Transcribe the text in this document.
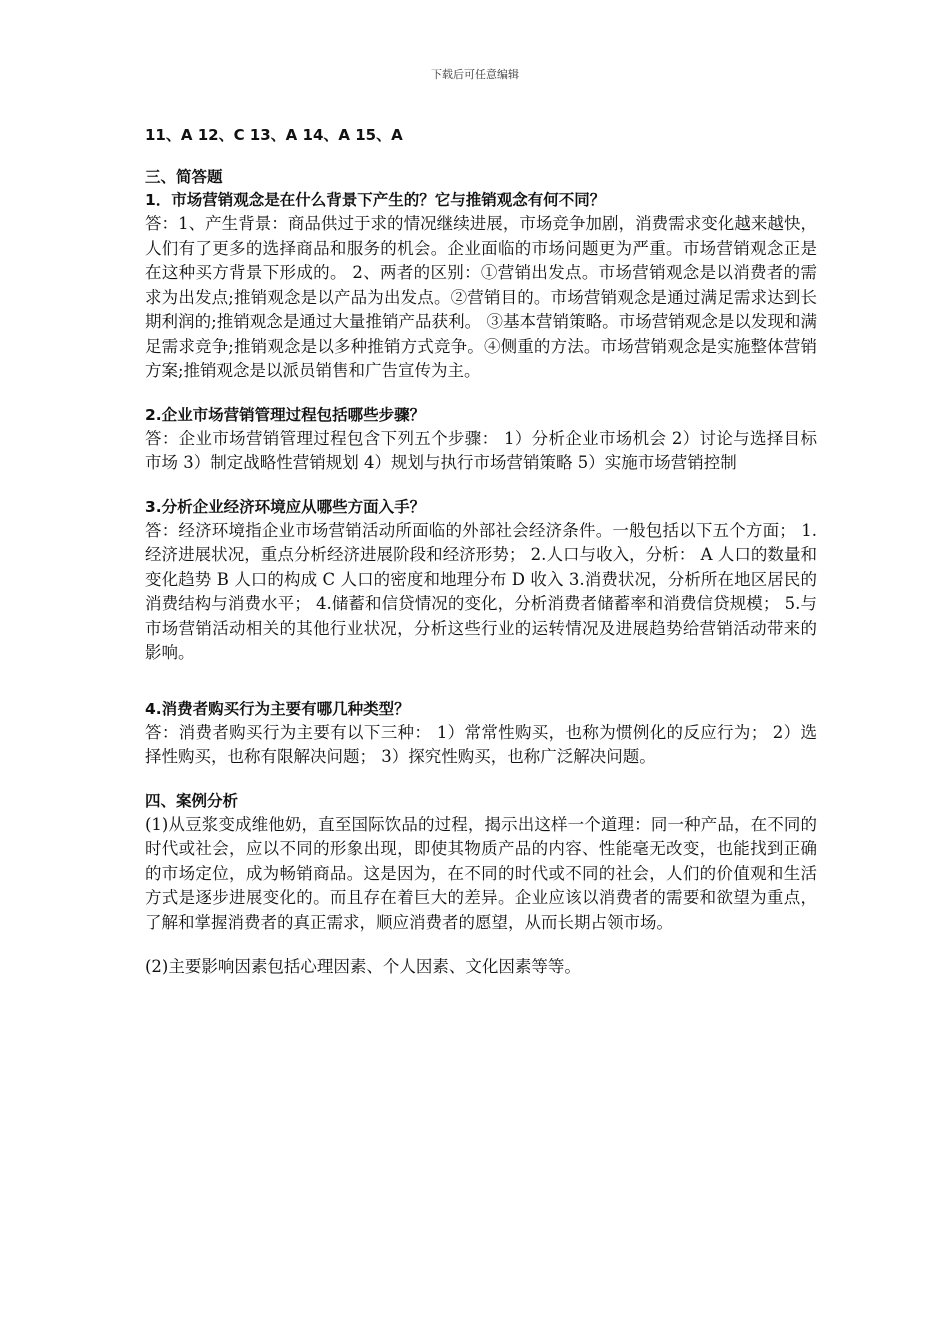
下载后可任意编辑

11、A 12、C 13、A 14、A 15、A

三、简答题

1．市场营销观念是在什么背景下产生的？它与推销观念有何不同？

答：1、产生背景：商品供过于求的情况继续进展，市场竞争加剧，消费需求变化越来越快， 人们有了更多的选择商品和服务的机会。企业面临的市场问题更为严重。市场营销观念正是在这种买方背景下形成的。 2、两者的区别：①营销出发点。市场营销观念是以消费者的需求为出发点;推销观念是以产品为出发点。②营销目的。市场营销观念是通过满足需求达到长期利润的;推销观念是通过大量推销产品获利。 ③基本营销策略。市场营销观念是以发现和满足需求竞争;推销观念是以多种推销方式竞争。④侧重的方法。市场营销观念是实施整体营销方案;推销观念是以派员销售和广告宣传为主。

2.企业市场营销管理过程包括哪些步骤？

答：企业市场营销管理过程包含下列五个步骤： 1）分析企业市场机会 2）讨论与选择目标市场 3）制定战略性营销规划 4）规划与执行市场营销策略 5）实施市场营销控制

3.分析企业经济环境应从哪些方面入手？

答：经济环境指企业市场营销活动所面临的外部社会经济条件。一般包括以下五个方面； 1.经济进展状况，重点分析经济进展阶段和经济形势； 2.人口与收入，分析： A 人口的数量和变化趋势 B 人口的构成 C 人口的密度和地理分布 D 收入 3.消费状况，分析所在地区居民的消费结构与消费水平； 4.储蓄和信贷情况的变化，分析消费者储蓄率和消费信贷规模； 5.与市场营销活动相关的其他行业状况，分析这些行业的运转情况及进展趋势给营销活动带来的影响。

4.消费者购买行为主要有哪几种类型？

答：消费者购买行为主要有以下三种： 1）常常性购买，也称为惯例化的反应行为； 2）选择性购买，也称有限解决问题； 3）探究性购买，也称广泛解决问题。

四、案例分析

(1)从豆浆变成维他奶，直至国际饮品的过程，揭示出这样一个道理：同一种产品，在不同的时代或社会，应以不同的形象出现，即使其物质产品的内容、性能毫无改变，也能找到正确的市场定位，成为畅销商品。这是因为，在不同的时代或不同的社会，人们的价值观和生活方式是逐步进展变化的。而且存在着巨大的差异。企业应该以消费者的需要和欲望为重点，了解和掌握消费者的真正需求，顺应消费者的愿望，从而长期占领市场。

(2)主要影响因素包括心理因素、个人因素、文化因素等等。
